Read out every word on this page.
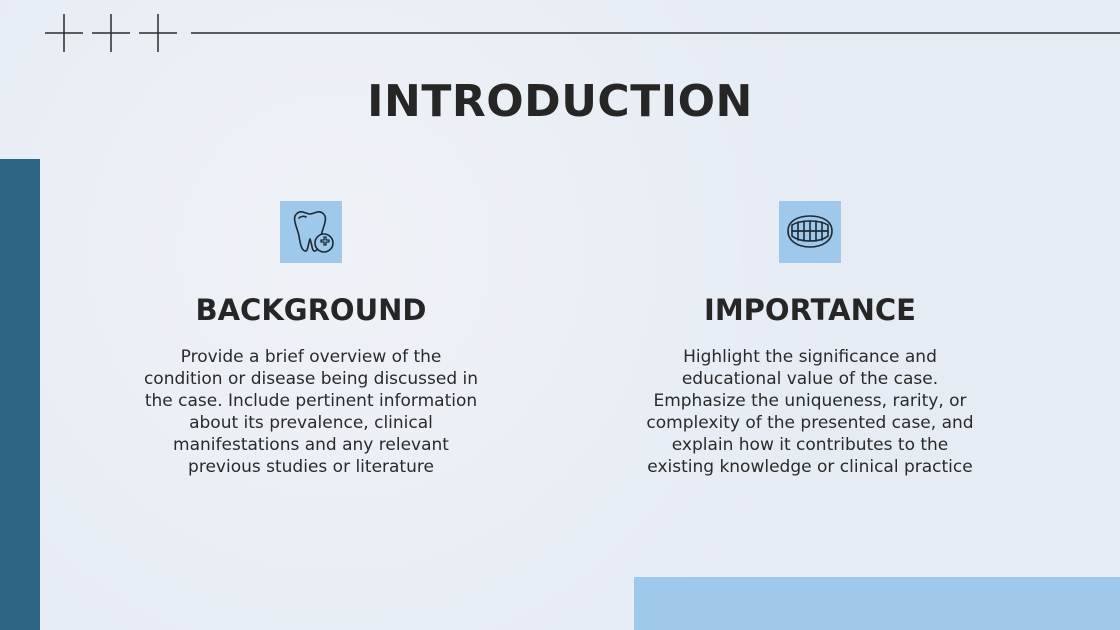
INTRODUCTION
BACKGROUND

Provide a brief overview of the
condition or disease being discussed in
the case. Include pertinent information
about its prevalence, clinical
manifestations and any relevant
previous studies or literature

IMPORTANCE

Highlight the significance and
educational value of the case.
Emphasize the uniqueness, rarity, or
complexity of the presented case, and
explain how it contributes to the
existing knowledge or clinical practice
